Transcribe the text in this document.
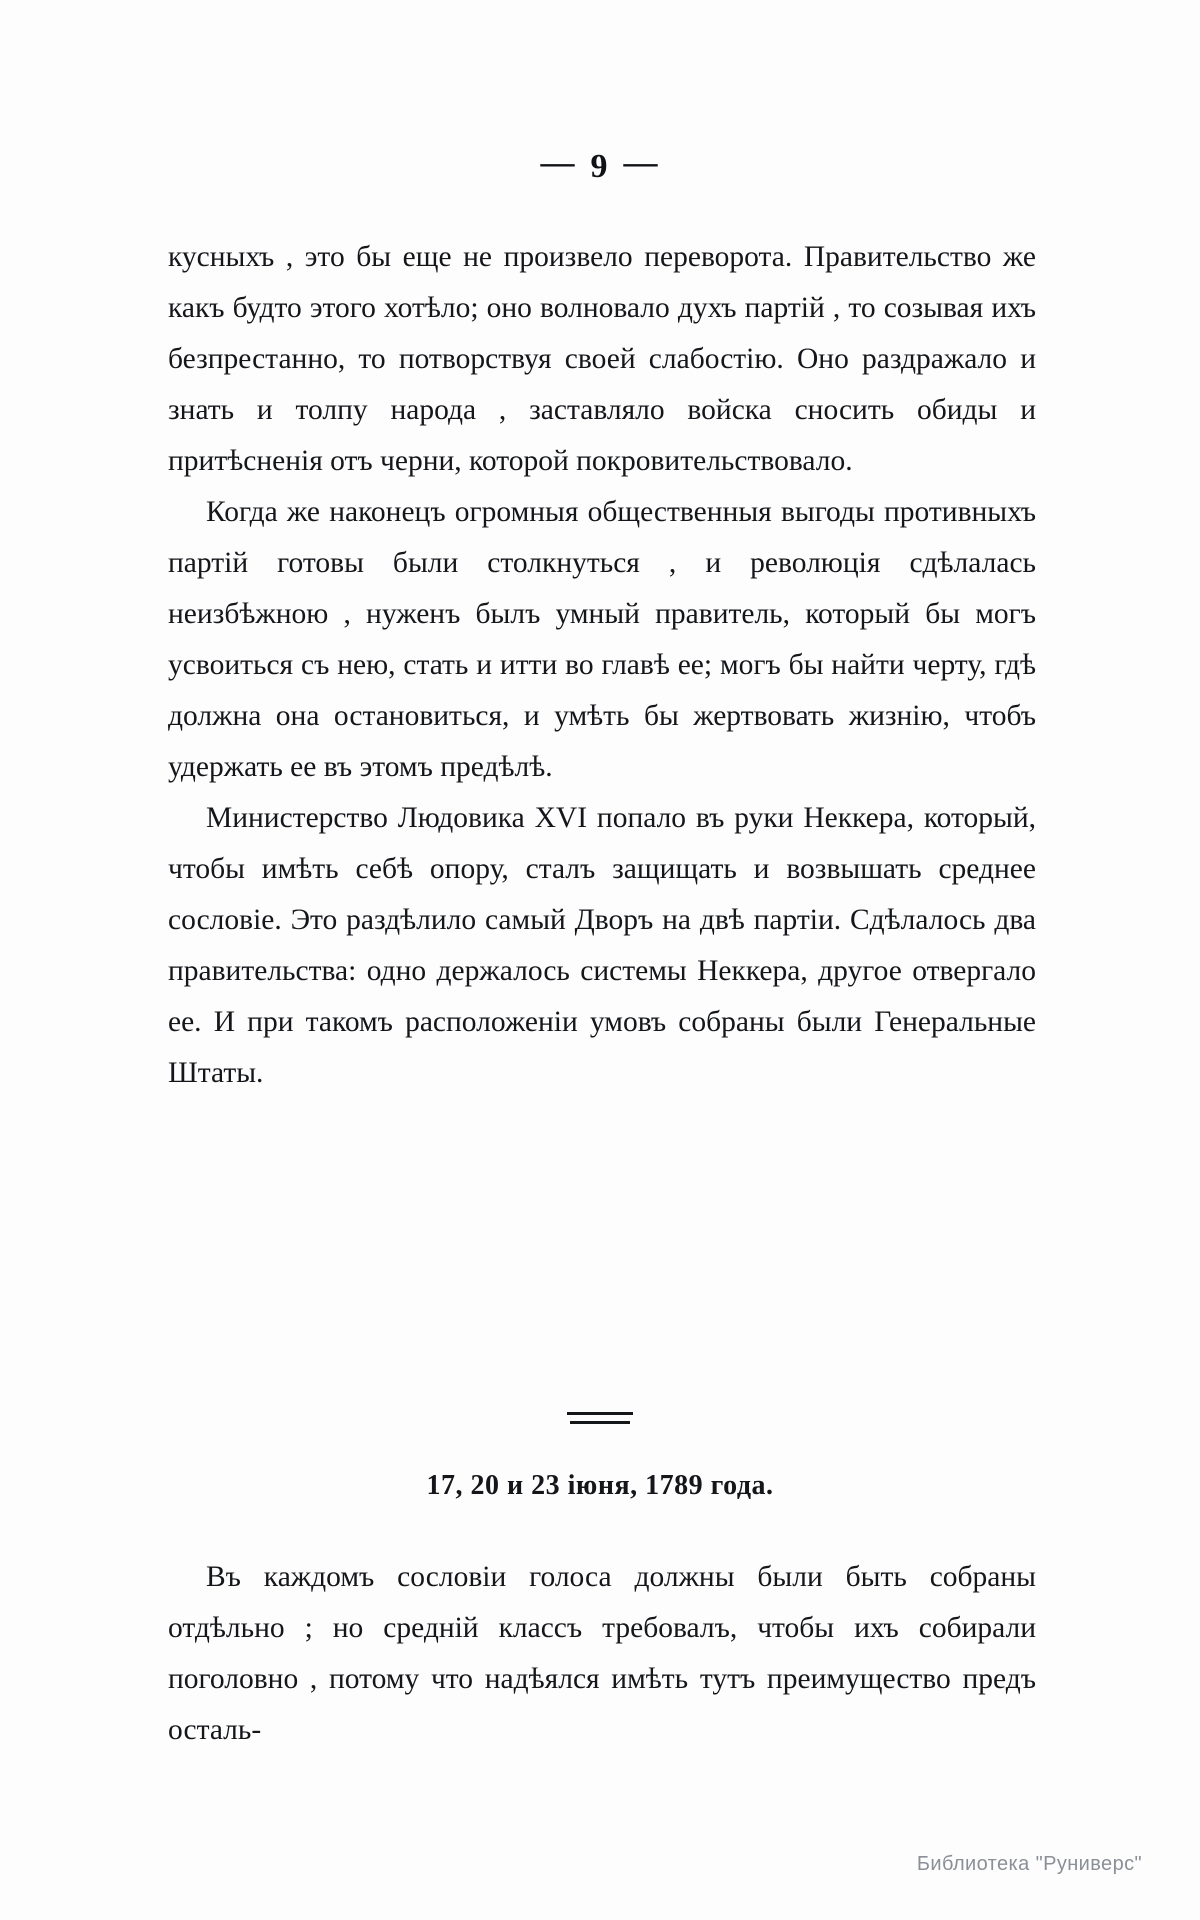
— 9 —

кусныхъ , это бы еще не произвело переворота. Правительство же какъ будто этого хотѣло; оно волновало духъ партій , то созывая ихъ безпрестанно, то потворствуя своей слабостію. Оно раздражало и знать и толпу народа , заставляло войска сносить обиды и притѣсненія отъ черни, которой покровительствовало.

Когда же наконецъ огромныя общественныя выгоды противныхъ партій готовы были столкнуться , и революція сдѣлалась неизбѣжною , нуженъ былъ умный правитель, который бы могъ усвоиться съ нею, стать и итти во главѣ ее; могъ бы найти черту, гдѣ должна она остановиться, и умѣть бы жертвовать жизнію, чтобъ удержать ее въ этомъ предѣлѣ.

Министерство Людовика XVI попало въ руки Неккера, который, чтобы имѣть себѣ опору, сталъ защищать и возвышать среднее сословіе. Это раздѣлило самый Дворъ на двѣ партіи. Сдѣлалось два правительства: одно держалось системы Неккера, другое отвергало ее. И при такомъ расположеніи умовъ собраны были Генеральные Штаты.

17, 20 и 23 іюня, 1789 года.

Въ каждомъ сословіи голоса должны были быть собраны отдѣльно ; но средній классъ требовалъ, чтобы ихъ собирали поголовно , потому что надѣялся имѣть тутъ преимущество предъ осталь-

Библиотека "Руниверс"
